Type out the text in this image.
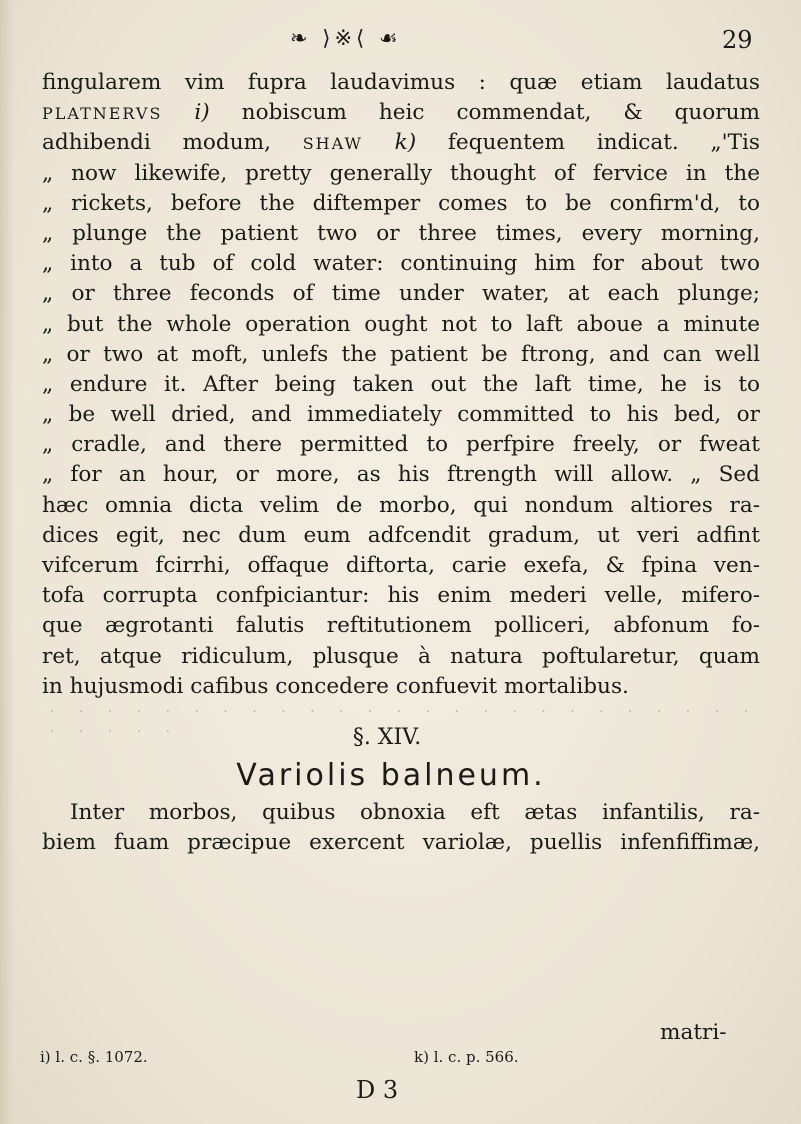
❧ ⟩※⟨ ☙	29
fingularem vim fupra laudavimus : quæ etiam laudatus
PLATNERVS i) nobiscum heic commendat, & quorum
adhibendi modum, SHAW k) fequentem indicat. „'Tis
„ now likewife, pretty generally thought of fervice in the
„ rickets, before the diftemper comes to be confirm'd, to
„ plunge the patient two or three times, every morning,
„ into a tub of cold water: continuing him for about two
„ or three feconds of time under water, at each plunge;
„ but the whole operation ought not to laft aboue a minute
„ or two at moft, unlefs the patient be ftrong, and can well
„ endure it. After being taken out the laft time, he is to
„ be well dried, and immediately committed to his bed, or
„ cradle, and there permitted to perfpire freely, or fweat
„ for an hour, or more, as his ftrength will allow. „ Sed
hæc omnia dicta velim de morbo, qui nondum altiores ra-
dices egit, nec dum eum adfcendit gradum, ut veri adfint
vifcerum fcirrhi, offaque diftorta, carie exefa, & fpina ven-
tofa corrupta confpiciantur: his enim mederi velle, mifero-
que ægrotanti falutis reftitutionem polliceri, abfonum fo-
ret, atque ridiculum, plusque à natura poftularetur, quam
in hujusmodi cafibus concedere confuevit mortalibus.
· · · · · · · · · · · · · · · · · · · · · · · · · · · · · ·	§. XIV.
Variolis balneum.
Inter morbos, quibus obnoxia eft ætas infantilis, ra-
biem fuam præcipue exercent variolæ, puellis infenfiffimæ,
matri-
i) l. c. §. 1072.	k) l. c. p. 566.
D 3
